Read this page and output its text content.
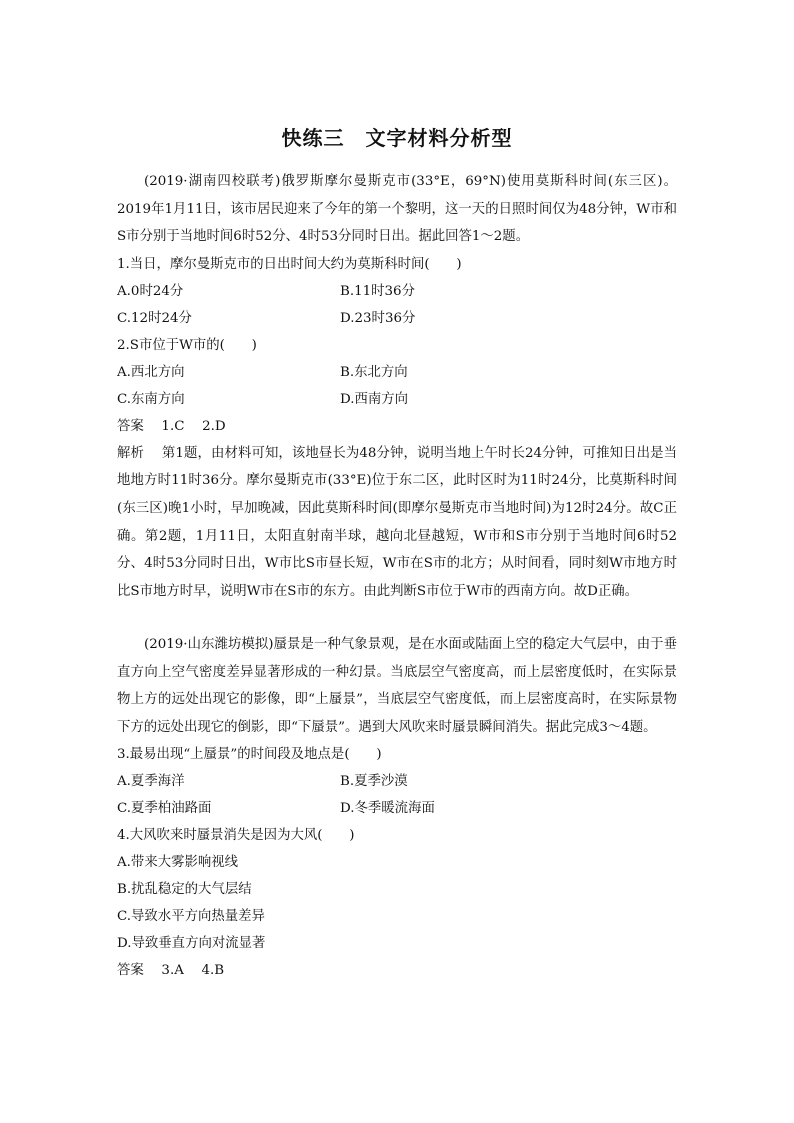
快练三　文字材料分析型
(2019·湖南四校联考)俄罗斯摩尔曼斯克市(33°E，69°N)使用莫斯科时间(东三区)。2019年1月11日，该市居民迎来了今年的第一个黎明，这一天的日照时间仅为48分钟，W市和S市分别于当地时间6时52分、4时53分同时日出。据此回答1～2题。
1.当日，摩尔曼斯克市的日出时间大约为莫斯科时间(　　)
A.0时24分	B.11时36分
C.12时24分	D.23时36分
2.S市位于W市的(　　)
A.西北方向	B.东北方向
C.东南方向	D.西南方向
答案　 1.C　 2.D
解析　 第1题，由材料可知，该地昼长为48分钟，说明当地上午时长24分钟，可推知日出是当地地方时11时36分。摩尔曼斯克市(33°E)位于东二区，此时区时为11时24分，比莫斯科时间(东三区)晚1小时，早加晚减，因此莫斯科时间(即摩尔曼斯克市当地时间)为12时24分。故C正确。第2题，1月11日，太阳直射南半球，越向北昼越短，W市和S市分别于当地时间6时52分、4时53分同时日出，W市比S市昼长短，W市在S市的北方；从时间看，同时刻W市地方时比S市地方时早，说明W市在S市的东方。由此判断S市位于W市的西南方向。故D正确。
(2019·山东潍坊模拟)蜃景是一种气象景观，是在水面或陆面上空的稳定大气层中，由于垂直方向上空气密度差异显著形成的一种幻景。当底层空气密度高，而上层密度低时，在实际景物上方的远处出现它的影像，即“上蜃景”，当底层空气密度低，而上层密度高时，在实际景物下方的远处出现它的倒影，即“下蜃景”。遇到大风吹来时蜃景瞬间消失。据此完成3～4题。
3.最易出现“上蜃景”的时间段及地点是(　　)
A.夏季海洋	B.夏季沙漠
C.夏季柏油路面	D.冬季暖流海面
4.大风吹来时蜃景消失是因为大风(　　)
A.带来大雾影响视线
B.扰乱稳定的大气层结
C.导致水平方向热量差异
D.导致垂直方向对流显著
答案　 3.A　 4.B
